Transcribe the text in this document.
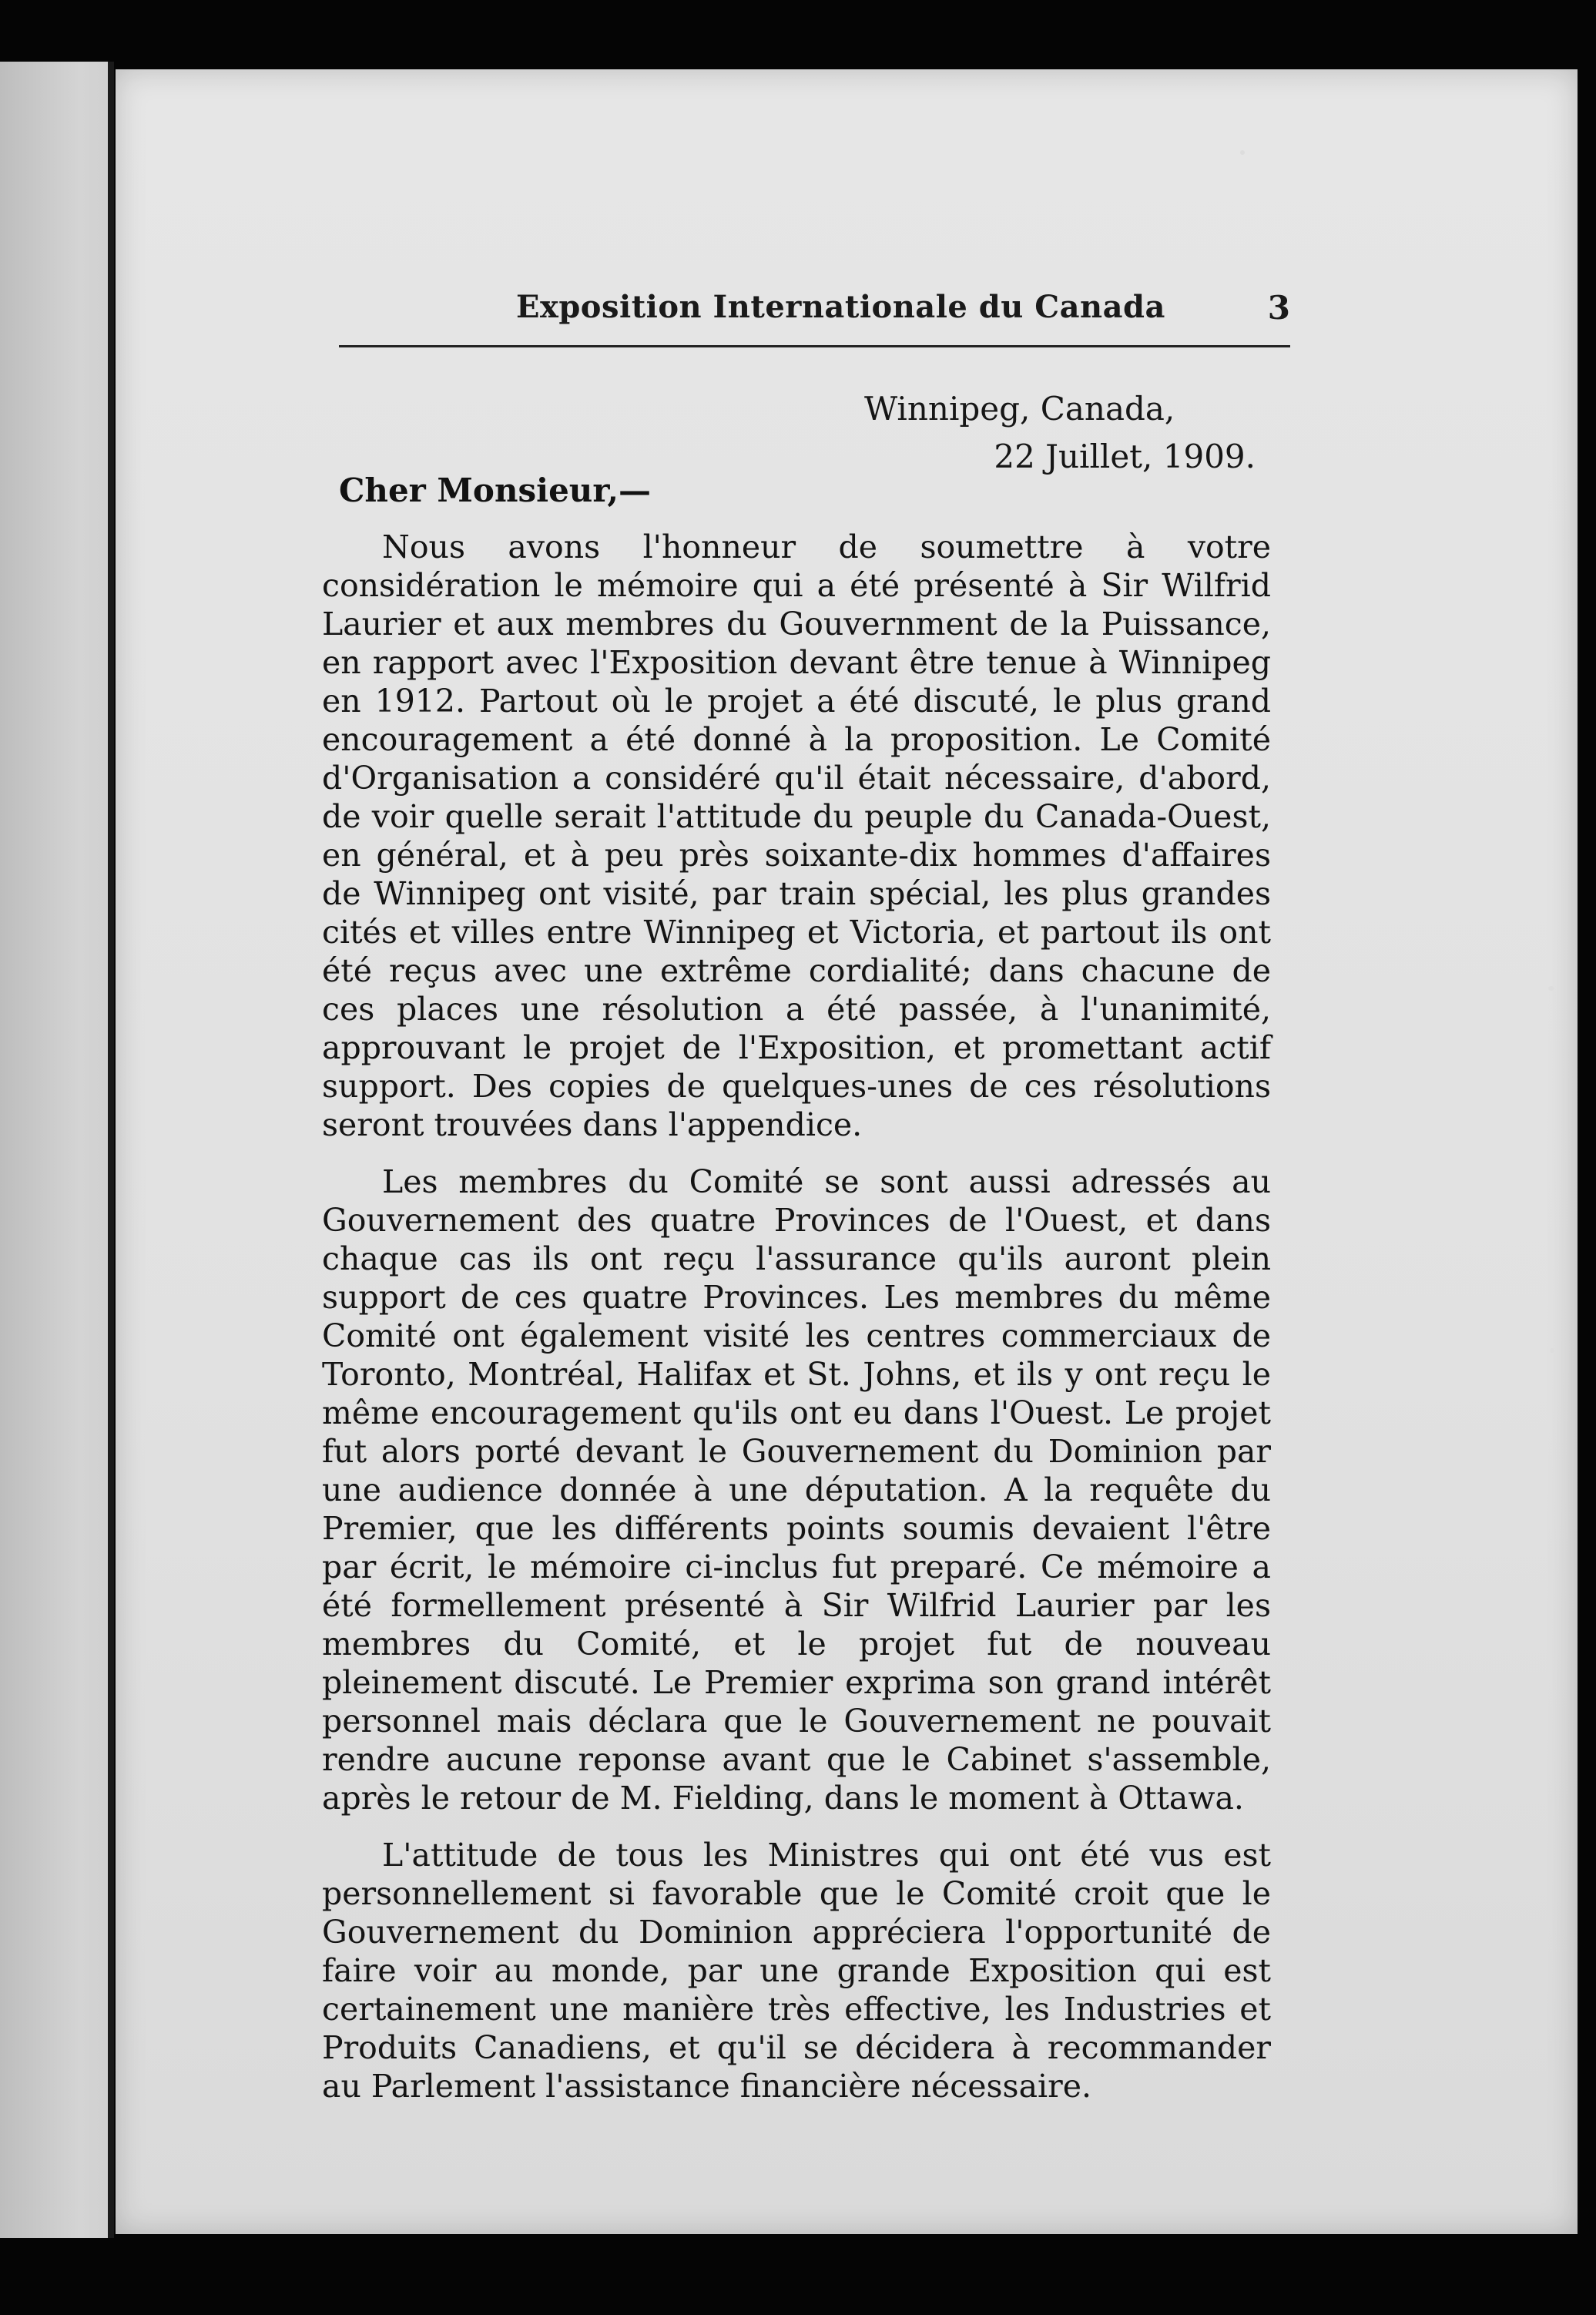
Exposition Internationale du Canada	3
Winnipeg, Canada,
22 Juillet, 1909.
Cher Monsieur,—

Nous avons l'honneur de soumettre à votre considération le mémoire qui a été présenté à Sir Wilfrid Laurier et aux membres du Gouvernment de la Puissance, en rapport avec l'Exposition devant être tenue à Winnipeg en 1912. Partout où le projet a été discuté, le plus grand encouragement a été donné à la proposition. Le Comité d'Organisation a considéré qu'il était nécessaire, d'abord, de voir quelle serait l'attitude du peuple du Canada-Ouest, en général, et à peu près soixante-dix hommes d'affaires de Winnipeg ont visité, par train spécial, les plus grandes cités et villes entre Winnipeg et Victoria, et partout ils ont été reçus avec une extrême cordialité; dans chacune de ces places une résolution a été passée, à l'unanimité, approuvant le projet de l'Exposition, et promettant actif support. Des copies de quelques-unes de ces résolutions seront trouvées dans l'appendice.

Les membres du Comité se sont aussi adressés au Gouvernement des quatre Provinces de l'Ouest, et dans chaque cas ils ont reçu l'assurance qu'ils auront plein support de ces quatre Provinces. Les membres du même Comité ont également visité les centres commerciaux de Toronto, Montréal, Halifax et St. Johns, et ils y ont reçu le même encouragement qu'ils ont eu dans l'Ouest. Le projet fut alors porté devant le Gouvernement du Dominion par une audience donnée à une députation. A la requête du Premier, que les différents points soumis devaient l'être par écrit, le mémoire ci-inclus fut preparé. Ce mémoire a été formellement présenté à Sir Wilfrid Laurier par les membres du Comité, et le projet fut de nouveau pleinement discuté. Le Premier exprima son grand intérêt personnel mais déclara que le Gouvernement ne pouvait rendre aucune reponse avant que le Cabinet s'assemble, après le retour de M. Fielding, dans le moment à Ottawa.

L'attitude de tous les Ministres qui ont été vus est personnellement si favorable que le Comité croit que le Gouvernement du Dominion appréciera l'opportunité de faire voir au monde, par une grande Exposition qui est certainement une manière très effective, les Industries et Produits Canadiens, et qu'il se décidera à recommander au Parlement l'assistance financière nécessaire.
